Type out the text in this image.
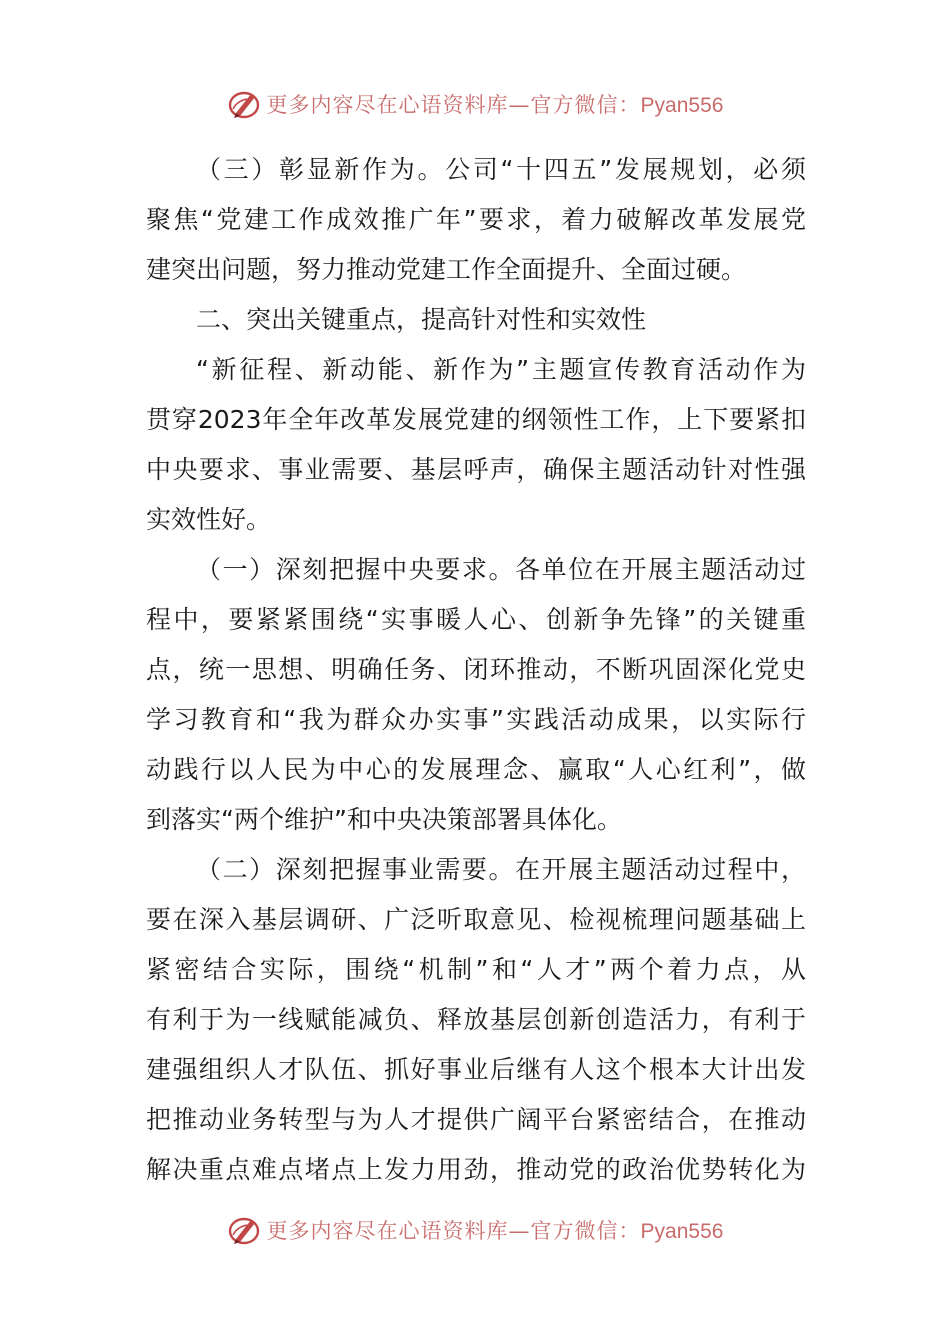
更多内容尽在心语资料库—官方微信：Pyan556
（三）彰显新作为。公司“十四五”发展规划，必须
聚焦“党建工作成效推广年”要求，着力破解改革发展党
建突出问题，努力推动党建工作全面提升、全面过硬。
二、突出关键重点，提高针对性和实效性
“新征程、新动能、新作为”主题宣传教育活动作为
贯穿2023年全年改革发展党建的纲领性工作，上下要紧扣
中央要求、事业需要、基层呼声，确保主题活动针对性强
实效性好。
（一）深刻把握中央要求。各单位在开展主题活动过
程中，要紧紧围绕“实事暖人心、创新争先锋”的关键重
点，统一思想、明确任务、闭环推动，不断巩固深化党史
学习教育和“我为群众办实事”实践活动成果，以实际行
动践行以人民为中心的发展理念、赢取“人心红利”，做
到落实“两个维护”和中央决策部署具体化。
（二）深刻把握事业需要。在开展主题活动过程中，
要在深入基层调研、广泛听取意见、检视梳理问题基础上
紧密结合实际，围绕“机制”和“人才”两个着力点，从
有利于为一线赋能减负、释放基层创新创造活力，有利于
建强组织人才队伍、抓好事业后继有人这个根本大计出发
把推动业务转型与为人才提供广阔平台紧密结合，在推动
解决重点难点堵点上发力用劲，推动党的政治优势转化为
更多内容尽在心语资料库—官方微信：Pyan556
